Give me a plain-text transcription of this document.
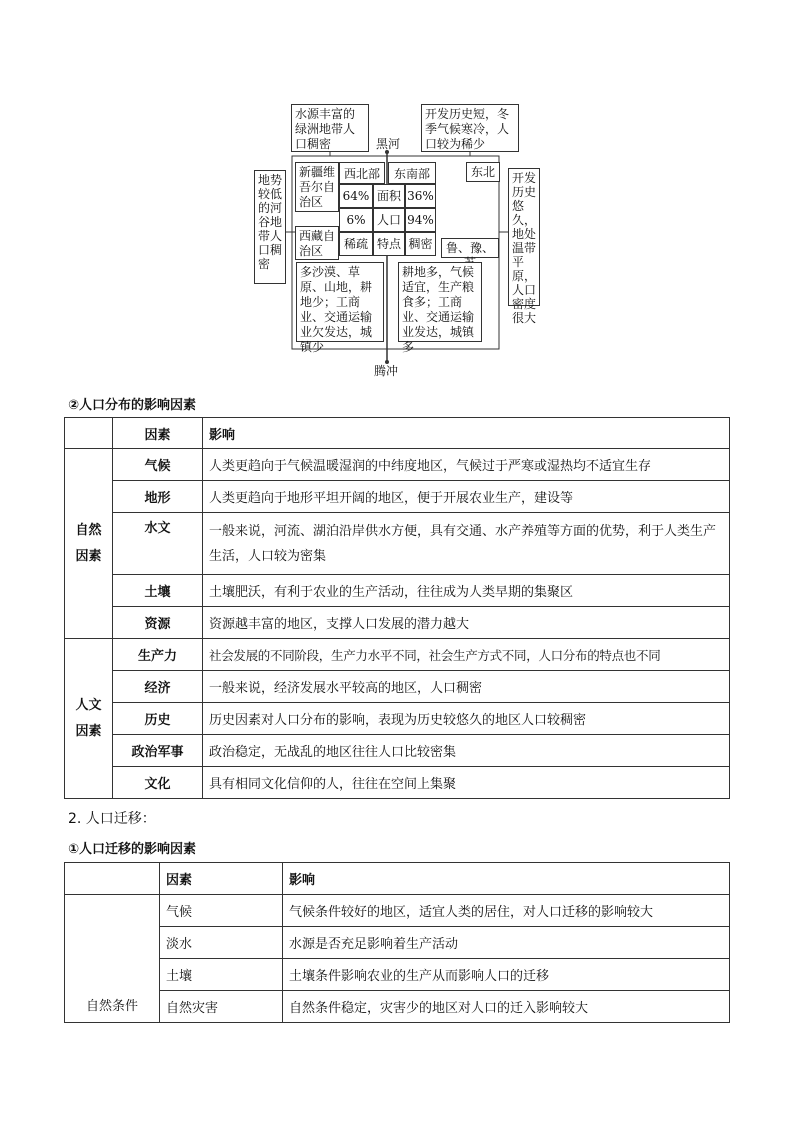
黑河
腾冲
水源丰富的绿洲地带人口稠密
开发历史短，冬季气候寒冷，人口较为稀少
地势较低的河谷地带人口稠密
开发历史悠久，地处温带平原，人口密度很大
新疆维吾尔自治区
西藏自治区
东北
鲁、豫、
西北部	东南部
64% 面积 36%
6% 人口 94%
稀疏 特点 稠密
多沙漠、草原、山地，耕地少；工商业、交通运输业欠发达，城镇少
耕地多，气候适宜，生产粮食多；工商业、交通运输业发达，城镇多
②人口分布的影响因素
	因素	影响

自然
因素	气候	人类更趋向于气候温暖湿润的中纬度地区，气候过于严寒或湿热均不适宜生存
	地形	人类更趋向于地形平坦开阔的地区，便于开展农业生产，建设等
	水文	一般来说，河流、湖泊沿岸供水方便，具有交通、水产养殖等方面的优势，利于人类生产生活，人口较为密集
	土壤	土壤肥沃，有利于农业的生产活动，往往成为人类早期的集聚区
	资源	资源越丰富的地区，支撑人口发展的潜力越大

人文
因素	生产力	社会发展的不同阶段，生产力水平不同，社会生产方式不同，人口分布的特点也不同
	经济	一般来说，经济发展水平较高的地区，人口稠密
	历史	历史因素对人口分布的影响，表现为历史较悠久的地区人口较稠密
	政治军事	政治稳定，无战乱的地区往往人口比较密集
	文化	具有相同文化信仰的人，往往在空间上集聚
2. 人口迁移：
①人口迁移的影响因素
	因素	影响
自然条件	气候	气候条件较好的地区，适宜人类的居住，对人口迁移的影响较大
	淡水	水源是否充足影响着生产活动
	土壤	土壤条件影响农业的生产从而影响人口的迁移
	自然灾害	自然条件稳定，灾害少的地区对人口的迁入影响较大
